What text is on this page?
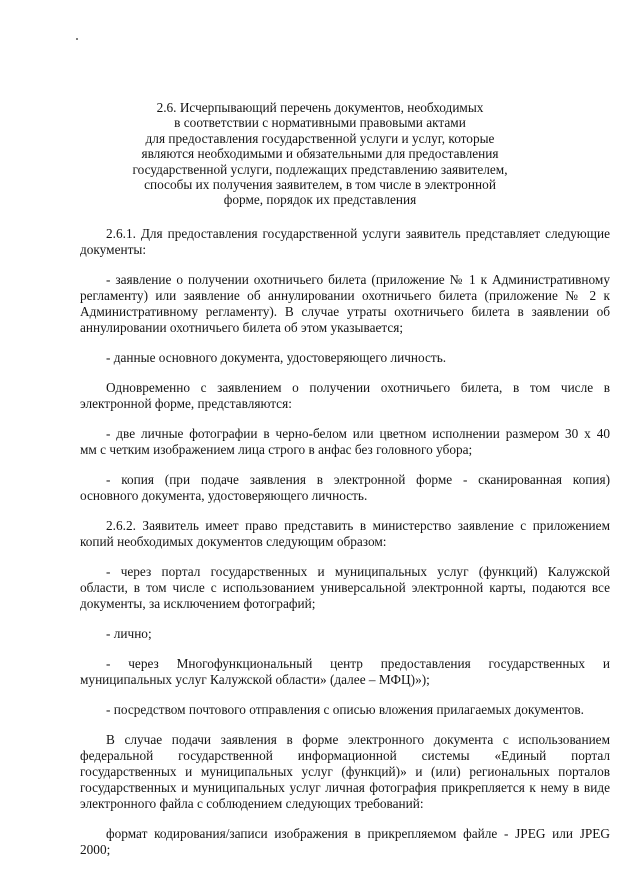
2.6. Исчерпывающий перечень документов, необходимых
в соответствии с нормативными правовыми актами
для предоставления государственной услуги и услуг, которые
являются необходимыми и обязательными для предоставления
государственной услуги, подлежащих представлению заявителем,
способы их получения заявителем, в том числе в электронной
форме, порядок их представления
2.6.1. Для предоставления государственной услуги заявитель представляет следующие
документы:
- заявление о получении охотничьего билета (приложение № 1 к Административному
регламенту) или заявление об аннулировании охотничьего билета (приложение № 2 к
Административному регламенту). В случае утраты охотничьего билета в заявлении об
аннулировании охотничьего билета об этом указывается;
- данные основного документа, удостоверяющего личность.
Одновременно с заявлением о получении охотничьего билета, в том числе в
электронной форме, представляются:
- две личные фотографии в черно-белом или цветном исполнении размером 30 х 40
мм с четким изображением лица строго в анфас без головного убора;
- копия (при подаче заявления в электронной форме - сканированная копия)
основного документа, удостоверяющего личность.
2.6.2. Заявитель имеет право представить в министерство заявление с приложением
копий необходимых документов следующим образом:
- через портал государственных и муниципальных услуг (функций) Калужской
области, в том числе с использованием универсальной электронной карты, подаются все
документы, за исключением фотографий;
- лично;
- через Многофункциональный центр предоставления государственных и
муниципальных услуг Калужской области» (далее – МФЦ)»);
- посредством почтового отправления с описью вложения прилагаемых документов.
В случае подачи заявления в форме электронного документа с использованием
федеральной государственной информационной системы «Единый портал
государственных и муниципальных услуг (функций)» и (или) региональных порталов
государственных и муниципальных услуг личная фотография прикрепляется к нему в виде
электронного файла с соблюдением следующих требований:
формат кодирования/записи изображения в прикрепляемом файле - JPEG или JPEG
2000;
